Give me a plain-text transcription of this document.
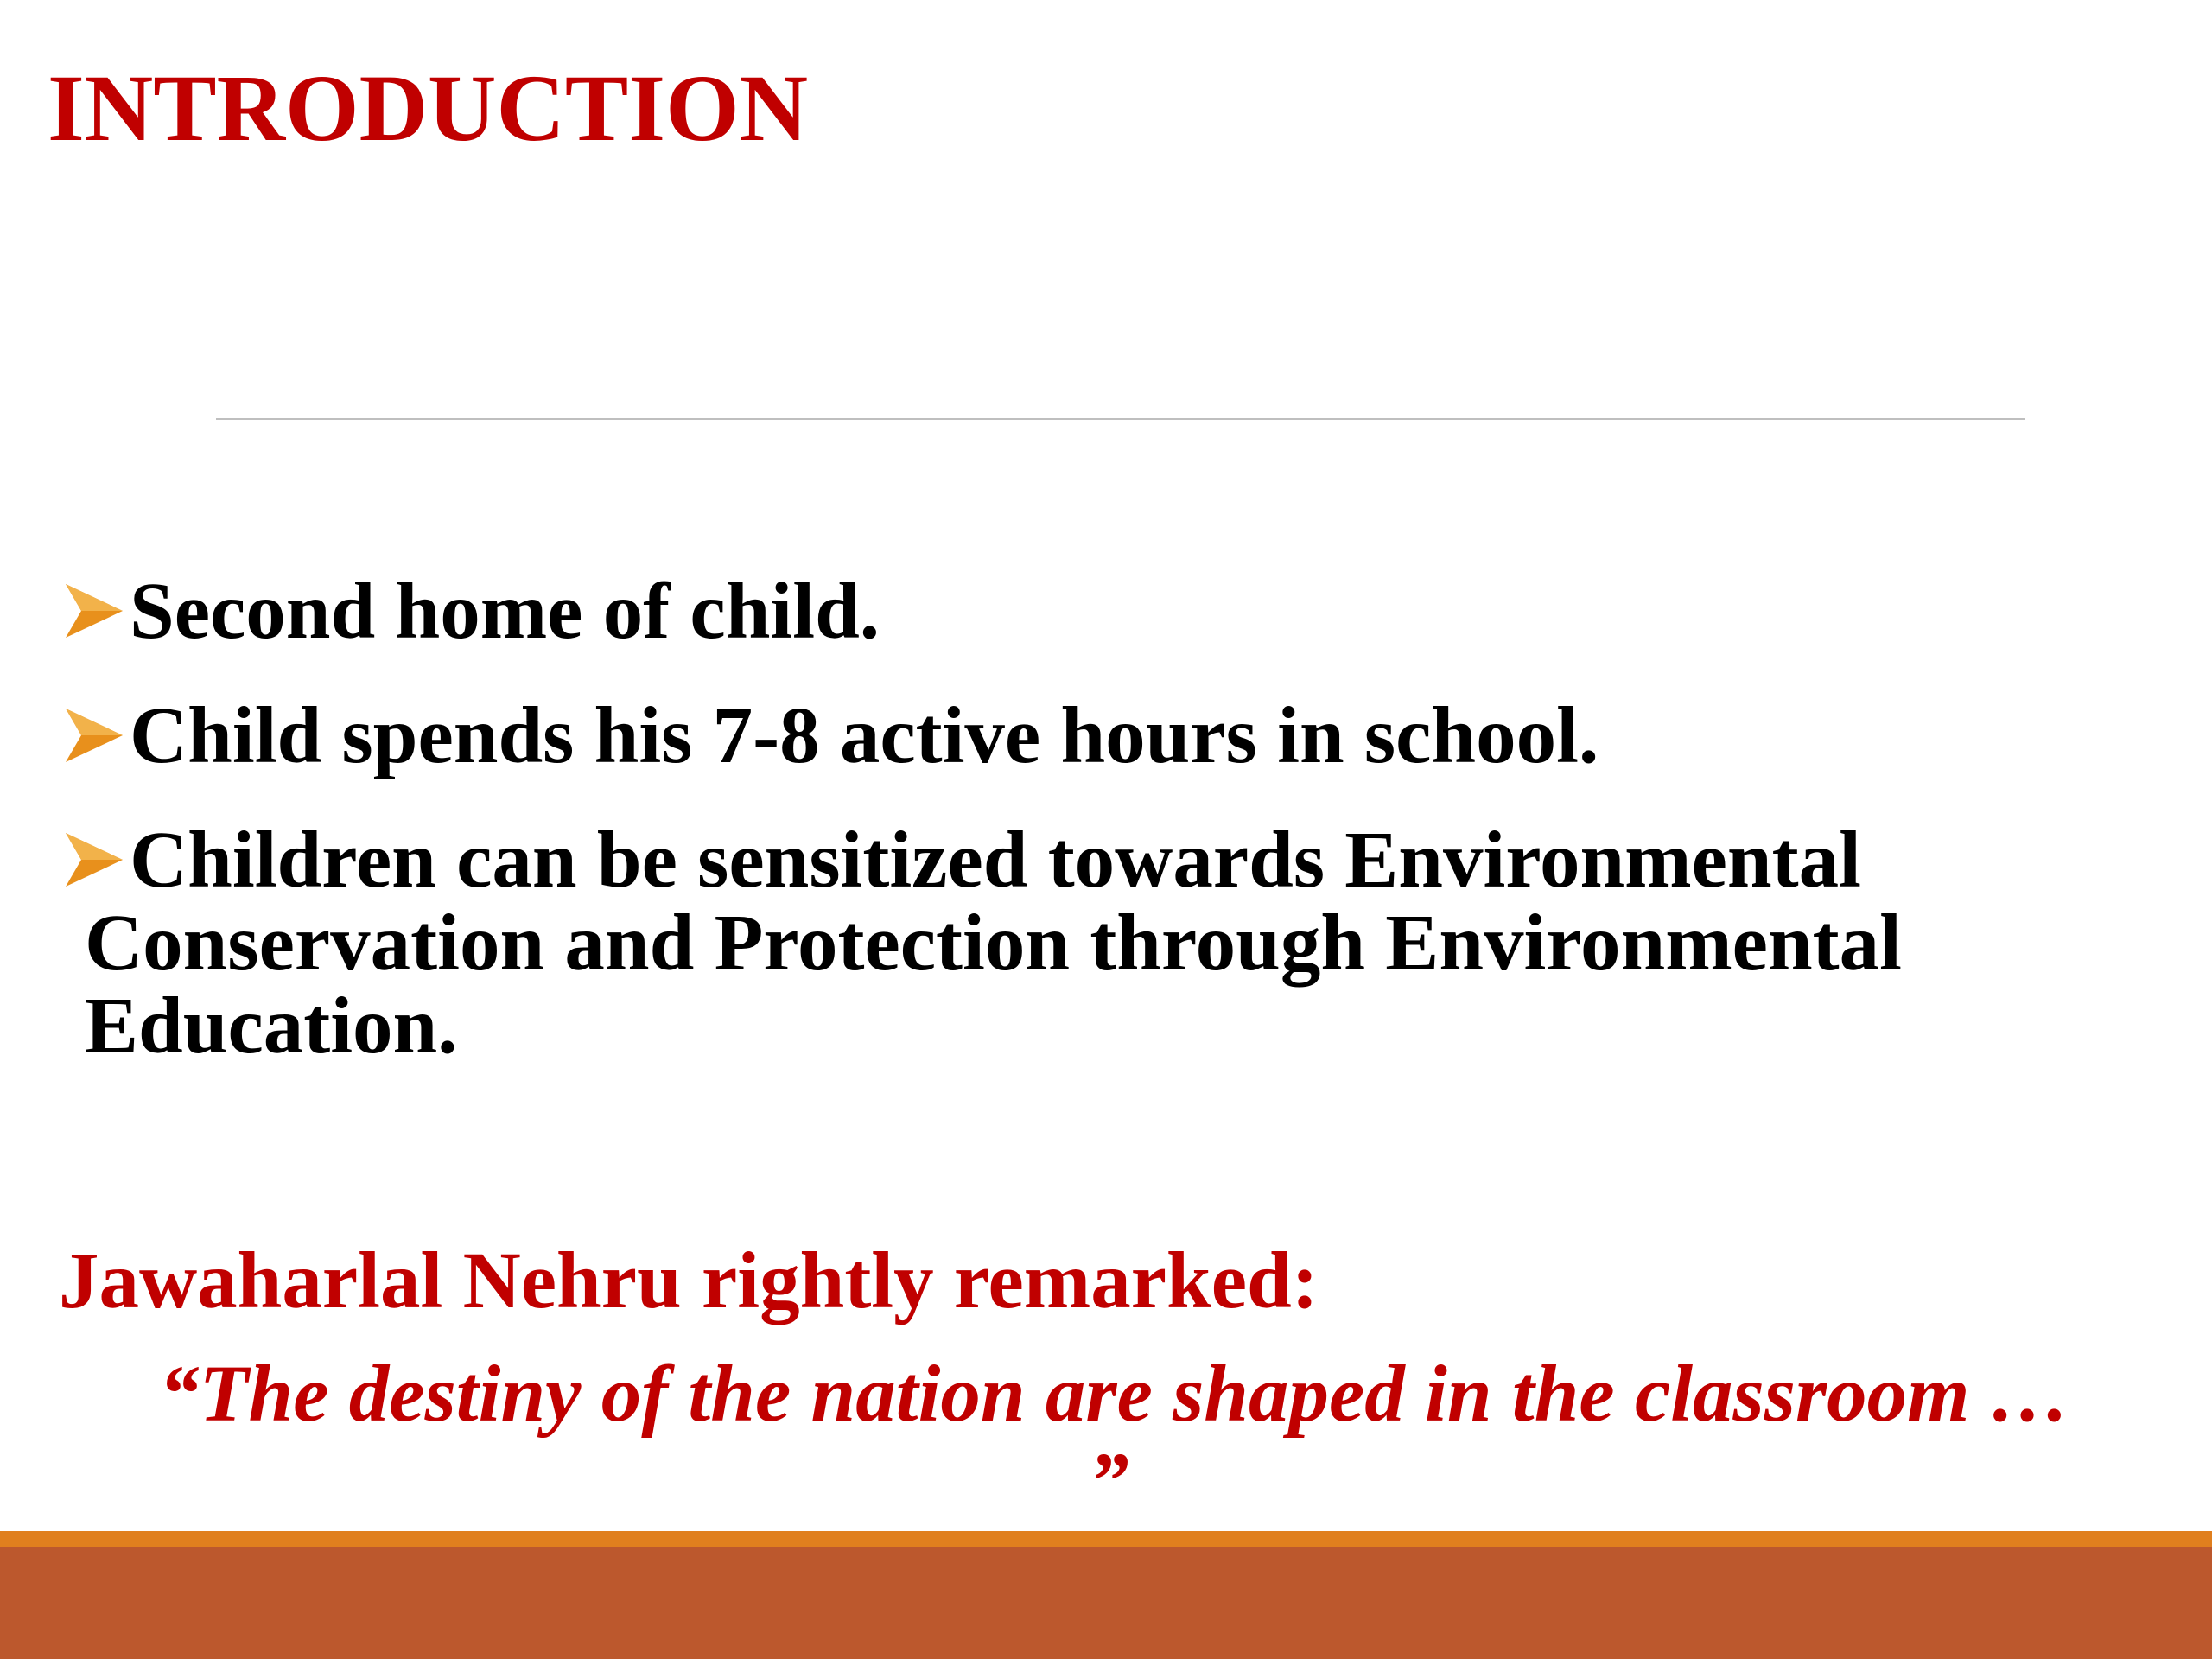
INTRODUCTION
Second home of child.
Child spends his 7-8 active hours in school.
Children can be sensitized towards Environmental Conservation and Protection through Environmental Education.
Jawaharlal Nehru rightly remarked:
“The destiny of the nation are shaped in the classroom …
”
